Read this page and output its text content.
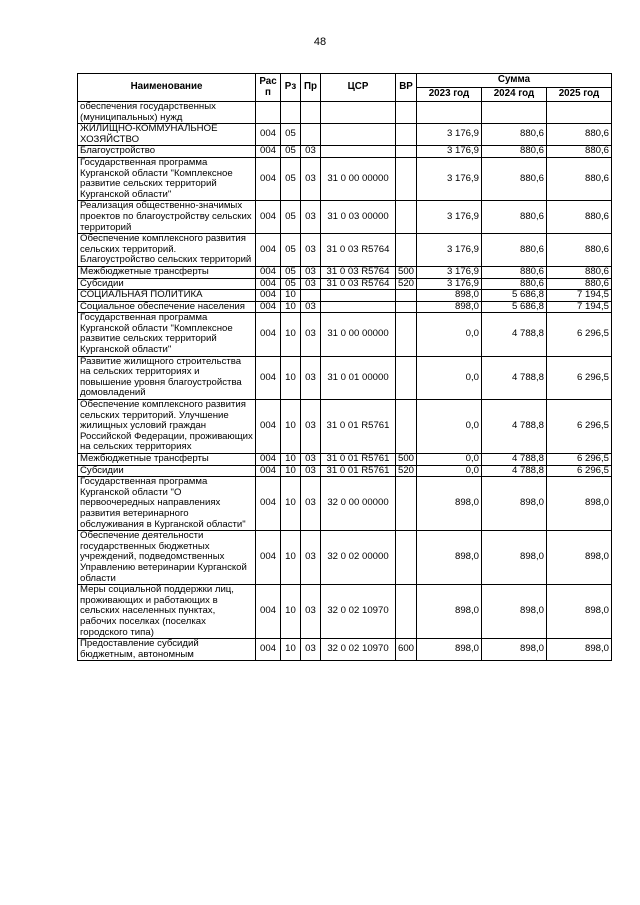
48
Наименование	Рас п	Рз	Пр	ЦСР	ВР	Сумма		
						2023 год	2024 год	2025 год
обеспечения государственных (муниципальных) нужд								
ЖИЛИЩНО-КОММУНАЛЬНОЕ ХОЗЯЙСТВО	004	05				3 176,9	880,6	880,6
Благоустройство	004	05	03			3 176,9	880,6	880,6
Государственная программа Курганской области "Комплексное развитие сельских территорий Курганской области"	004	05	03	31 0 00 00000		3 176,9	880,6	880,6
Реализация общественно-значимых проектов по благоустройству сельских территорий	004	05	03	31 0 03 00000		3 176,9	880,6	880,6
Обеспечение комплексного развития сельских территорий. Благоустройство сельских территорий	004	05	03	31 0 03 R5764		3 176,9	880,6	880,6
Межбюджетные трансферты	004	05	03	31 0 03 R5764	500	3 176,9	880,6	880,6
Субсидии	004	05	03	31 0 03 R5764	520	3 176,9	880,6	880,6
СОЦИАЛЬНАЯ ПОЛИТИКА	004	10				898,0	5 686,8	7 194,5
Социальное обеспечение населения	004	10	03			898,0	5 686,8	7 194,5
Государственная программа Курганской области "Комплексное развитие сельских территорий Курганской области"	004	10	03	31 0 00 00000		0,0	4 788,8	6 296,5
Развитие жилищного строительства на сельских территориях и повышение уровня благоустройства домовладений	004	10	03	31 0 01 00000		0,0	4 788,8	6 296,5
Обеспечение комплексного развития сельских территорий. Улучшение жилищных условий граждан Российской Федерации, проживающих на сельских территориях	004	10	03	31 0 01 R5761		0,0	4 788,8	6 296,5
Межбюджетные трансферты	004	10	03	31 0 01 R5761	500	0,0	4 788,8	6 296,5
Субсидии	004	10	03	31 0 01 R5761	520	0,0	4 788,8	6 296,5
Государственная программа Курганской области "О первоочередных направлениях развития ветеринарного обслуживания в Курганской области"	004	10	03	32 0 00 00000		898,0	898,0	898,0
Обеспечение деятельности государственных бюджетных учреждений, подведомственных Управлению ветеринарии Курганской области	004	10	03	32 0 02 00000		898,0	898,0	898,0
Меры социальной поддержки лиц, проживающих и работающих в сельских населенных пунктах, рабочих поселках (поселках городского типа)	004	10	03	32 0 02 10970		898,0	898,0	898,0
Предоставление субсидий бюджетным, автономным	004	10	03	32 0 02 10970	600	898,0	898,0	898,0
